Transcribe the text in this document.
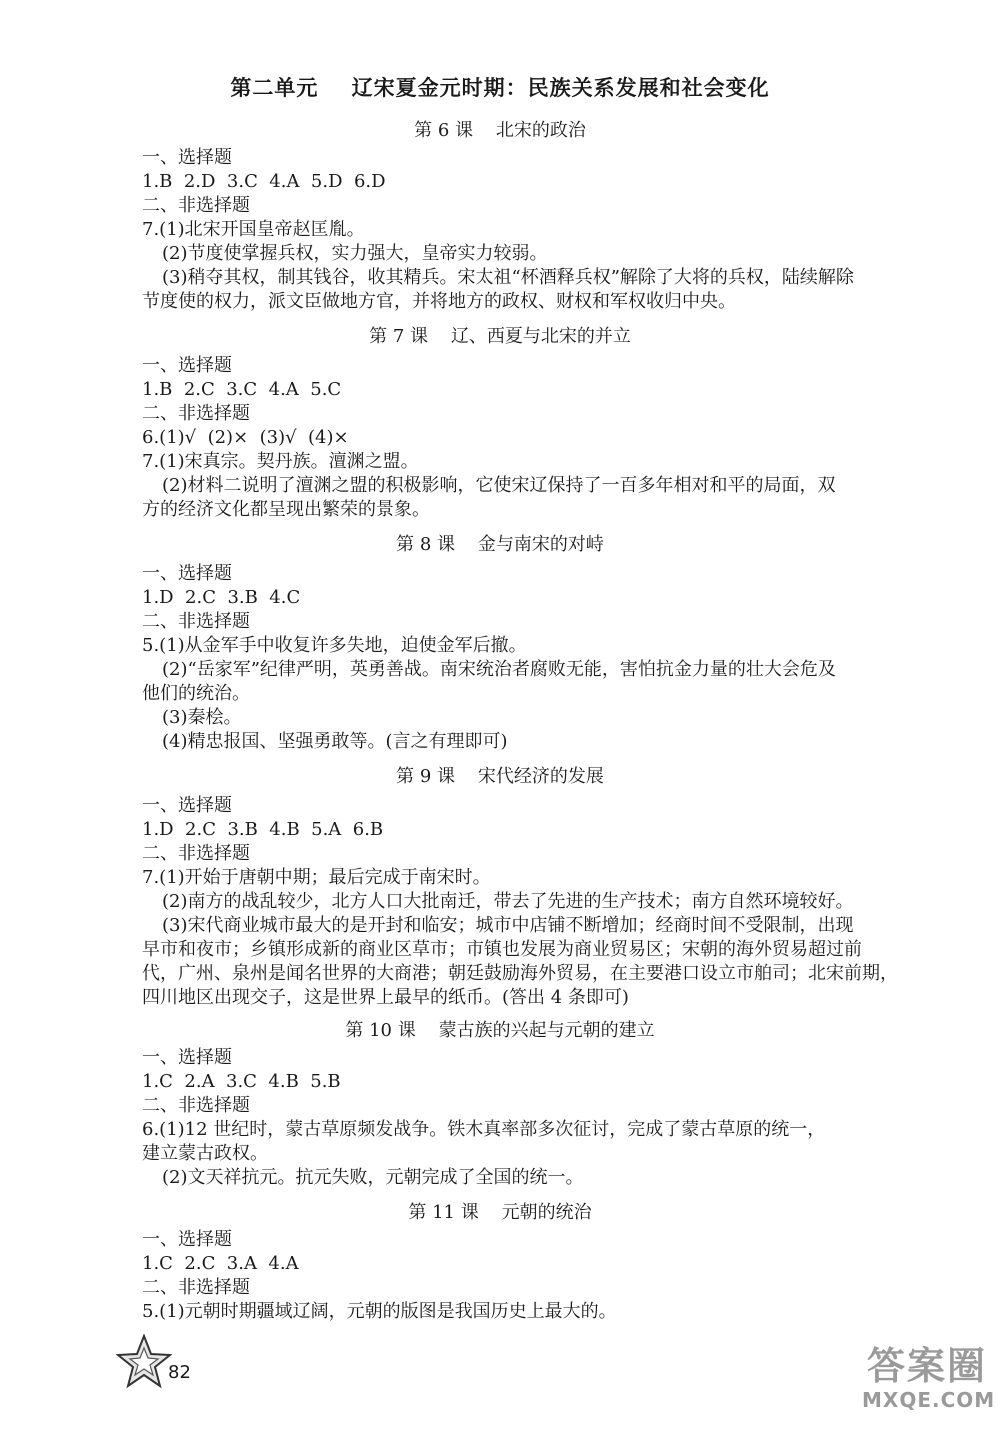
第二单元    辽宋夏金元时期：民族关系发展和社会变化
第 6 课    北宋的政治
一、选择题
1.B  2.D  3.C  4.A  5.D  6.D
二、非选择题
7.(1)北宋开国皇帝赵匡胤。
(2)节度使掌握兵权，实力强大，皇帝实力较弱。
(3)稍夺其权，制其钱谷，收其精兵。宋太祖“杯酒释兵权”解除了大将的兵权，陆续解除
节度使的权力，派文臣做地方官，并将地方的政权、财权和军权收归中央。
第 7 课    辽、西夏与北宋的并立
一、选择题
1.B  2.C  3.C  4.A  5.C
二、非选择题
6.(1)√  (2)×  (3)√  (4)×
7.(1)宋真宗。契丹族。澶渊之盟。
(2)材料二说明了澶渊之盟的积极影响，它使宋辽保持了一百多年相对和平的局面，双
方的经济文化都呈现出繁荣的景象。
第 8 课    金与南宋的对峙
一、选择题
1.D  2.C  3.B  4.C
二、非选择题
5.(1)从金军手中收复许多失地，迫使金军后撤。
(2)“岳家军”纪律严明，英勇善战。南宋统治者腐败无能，害怕抗金力量的壮大会危及
他们的统治。
(3)秦桧。
(4)精忠报国、坚强勇敢等。(言之有理即可)
第 9 课    宋代经济的发展
一、选择题
1.D  2.C  3.B  4.B  5.A  6.B
二、非选择题
7.(1)开始于唐朝中期；最后完成于南宋时。
(2)南方的战乱较少，北方人口大批南迁，带去了先进的生产技术；南方自然环境较好。
(3)宋代商业城市最大的是开封和临安；城市中店铺不断增加；经商时间不受限制，出现
早市和夜市；乡镇形成新的商业区草市；市镇也发展为商业贸易区；宋朝的海外贸易超过前
代，广州、泉州是闻名世界的大商港；朝廷鼓励海外贸易，在主要港口设立市舶司；北宋前期，
四川地区出现交子，这是世界上最早的纸币。(答出 4 条即可)
第 10 课    蒙古族的兴起与元朝的建立
一、选择题
1.C  2.A  3.C  4.B  5.B
二、非选择题
6.(1)12 世纪时，蒙古草原频发战争。铁木真率部多次征讨，完成了蒙古草原的统一，
建立蒙古政权。
(2)文天祥抗元。抗元失败，元朝完成了全国的统一。
第 11 课    元朝的统治
一、选择题
1.C  2.C  3.A  4.A
二、非选择题
5.(1)元朝时期疆域辽阔，元朝的版图是我国历史上最大的。
82	答案圈
MXQE.COM
